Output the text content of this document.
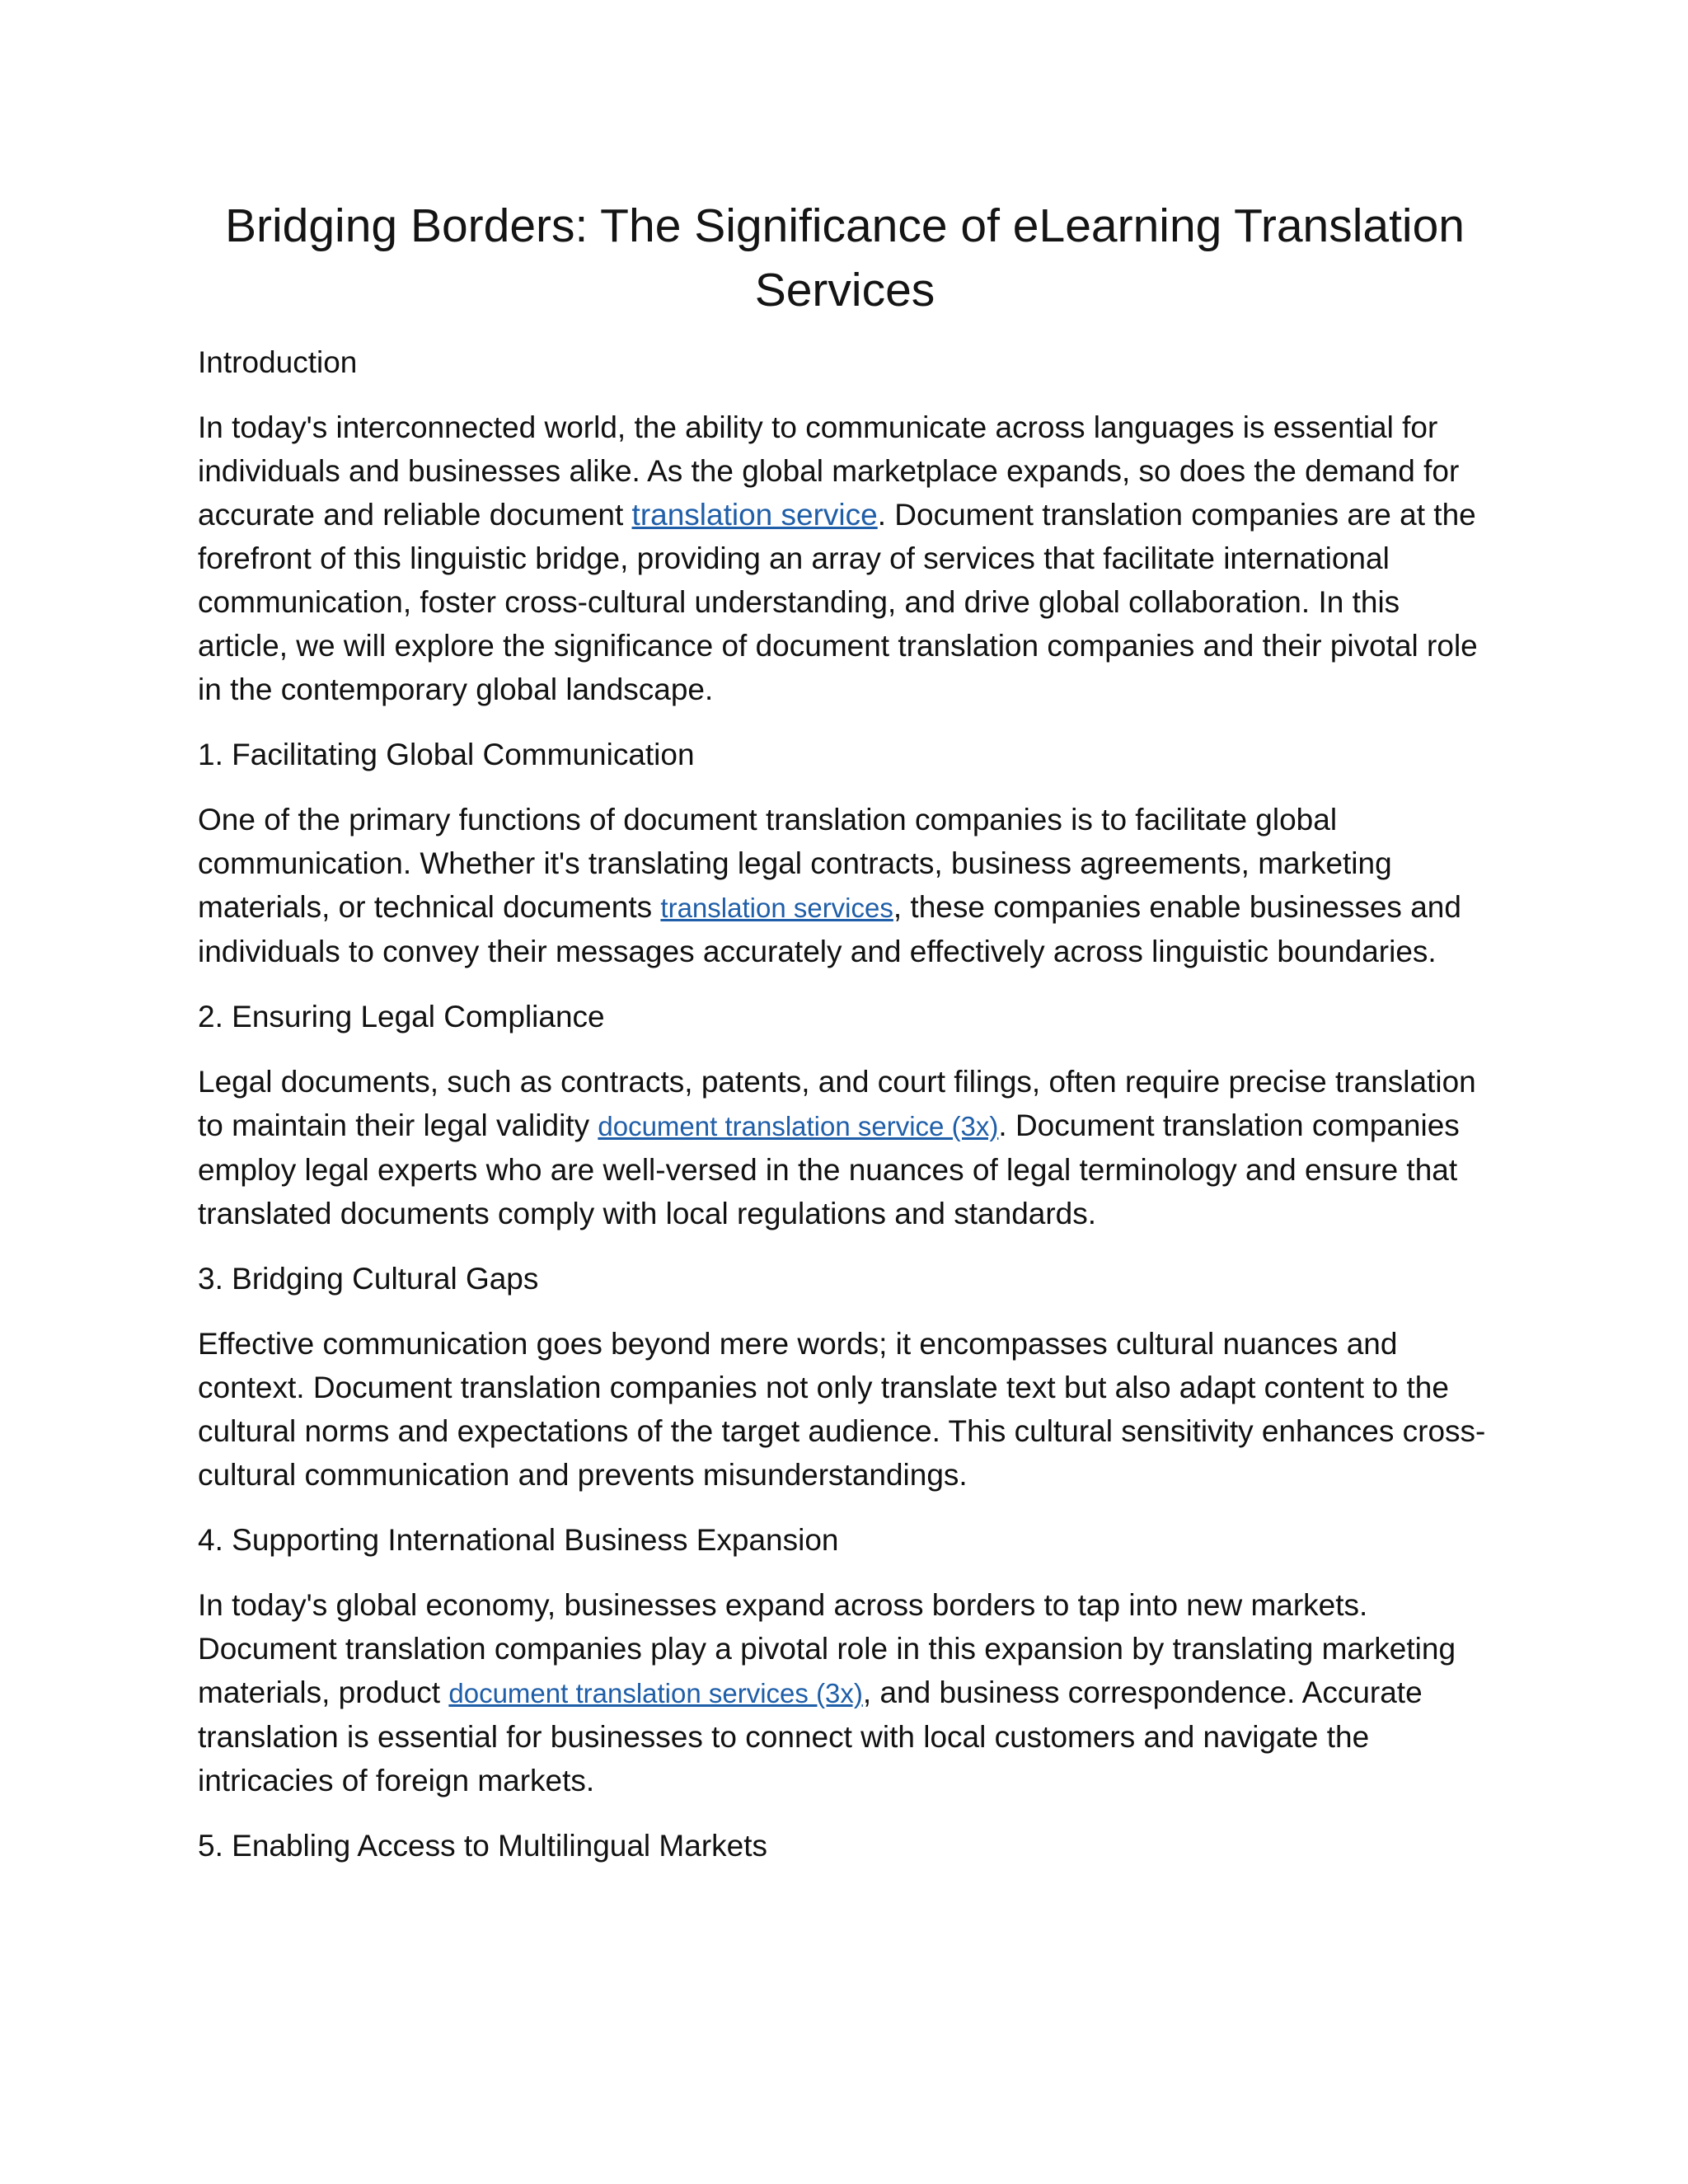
Bridging Borders: The Significance of eLearning Translation Services
Introduction

In today's interconnected world, the ability to communicate across languages is essential for individuals and businesses alike. As the global marketplace expands, so does the demand for accurate and reliable document translation service. Document translation companies are at the forefront of this linguistic bridge, providing an array of services that facilitate international communication, foster cross-cultural understanding, and drive global collaboration. In this article, we will explore the significance of document translation companies and their pivotal role in the contemporary global landscape.

1. Facilitating Global Communication

One of the primary functions of document translation companies is to facilitate global communication. Whether it's translating legal contracts, business agreements, marketing materials, or technical documents translation services, these companies enable businesses and individuals to convey their messages accurately and effectively across linguistic boundaries.

2. Ensuring Legal Compliance

Legal documents, such as contracts, patents, and court filings, often require precise translation to maintain their legal validity document translation service (3x). Document translation companies employ legal experts who are well-versed in the nuances of legal terminology and ensure that translated documents comply with local regulations and standards.

3. Bridging Cultural Gaps

Effective communication goes beyond mere words; it encompasses cultural nuances and context. Document translation companies not only translate text but also adapt content to the cultural norms and expectations of the target audience. This cultural sensitivity enhances cross-cultural communication and prevents misunderstandings.

4. Supporting International Business Expansion

In today's global economy, businesses expand across borders to tap into new markets. Document translation companies play a pivotal role in this expansion by translating marketing materials, product document translation services (3x), and business correspondence. Accurate translation is essential for businesses to connect with local customers and navigate the intricacies of foreign markets.

5. Enabling Access to Multilingual Markets
